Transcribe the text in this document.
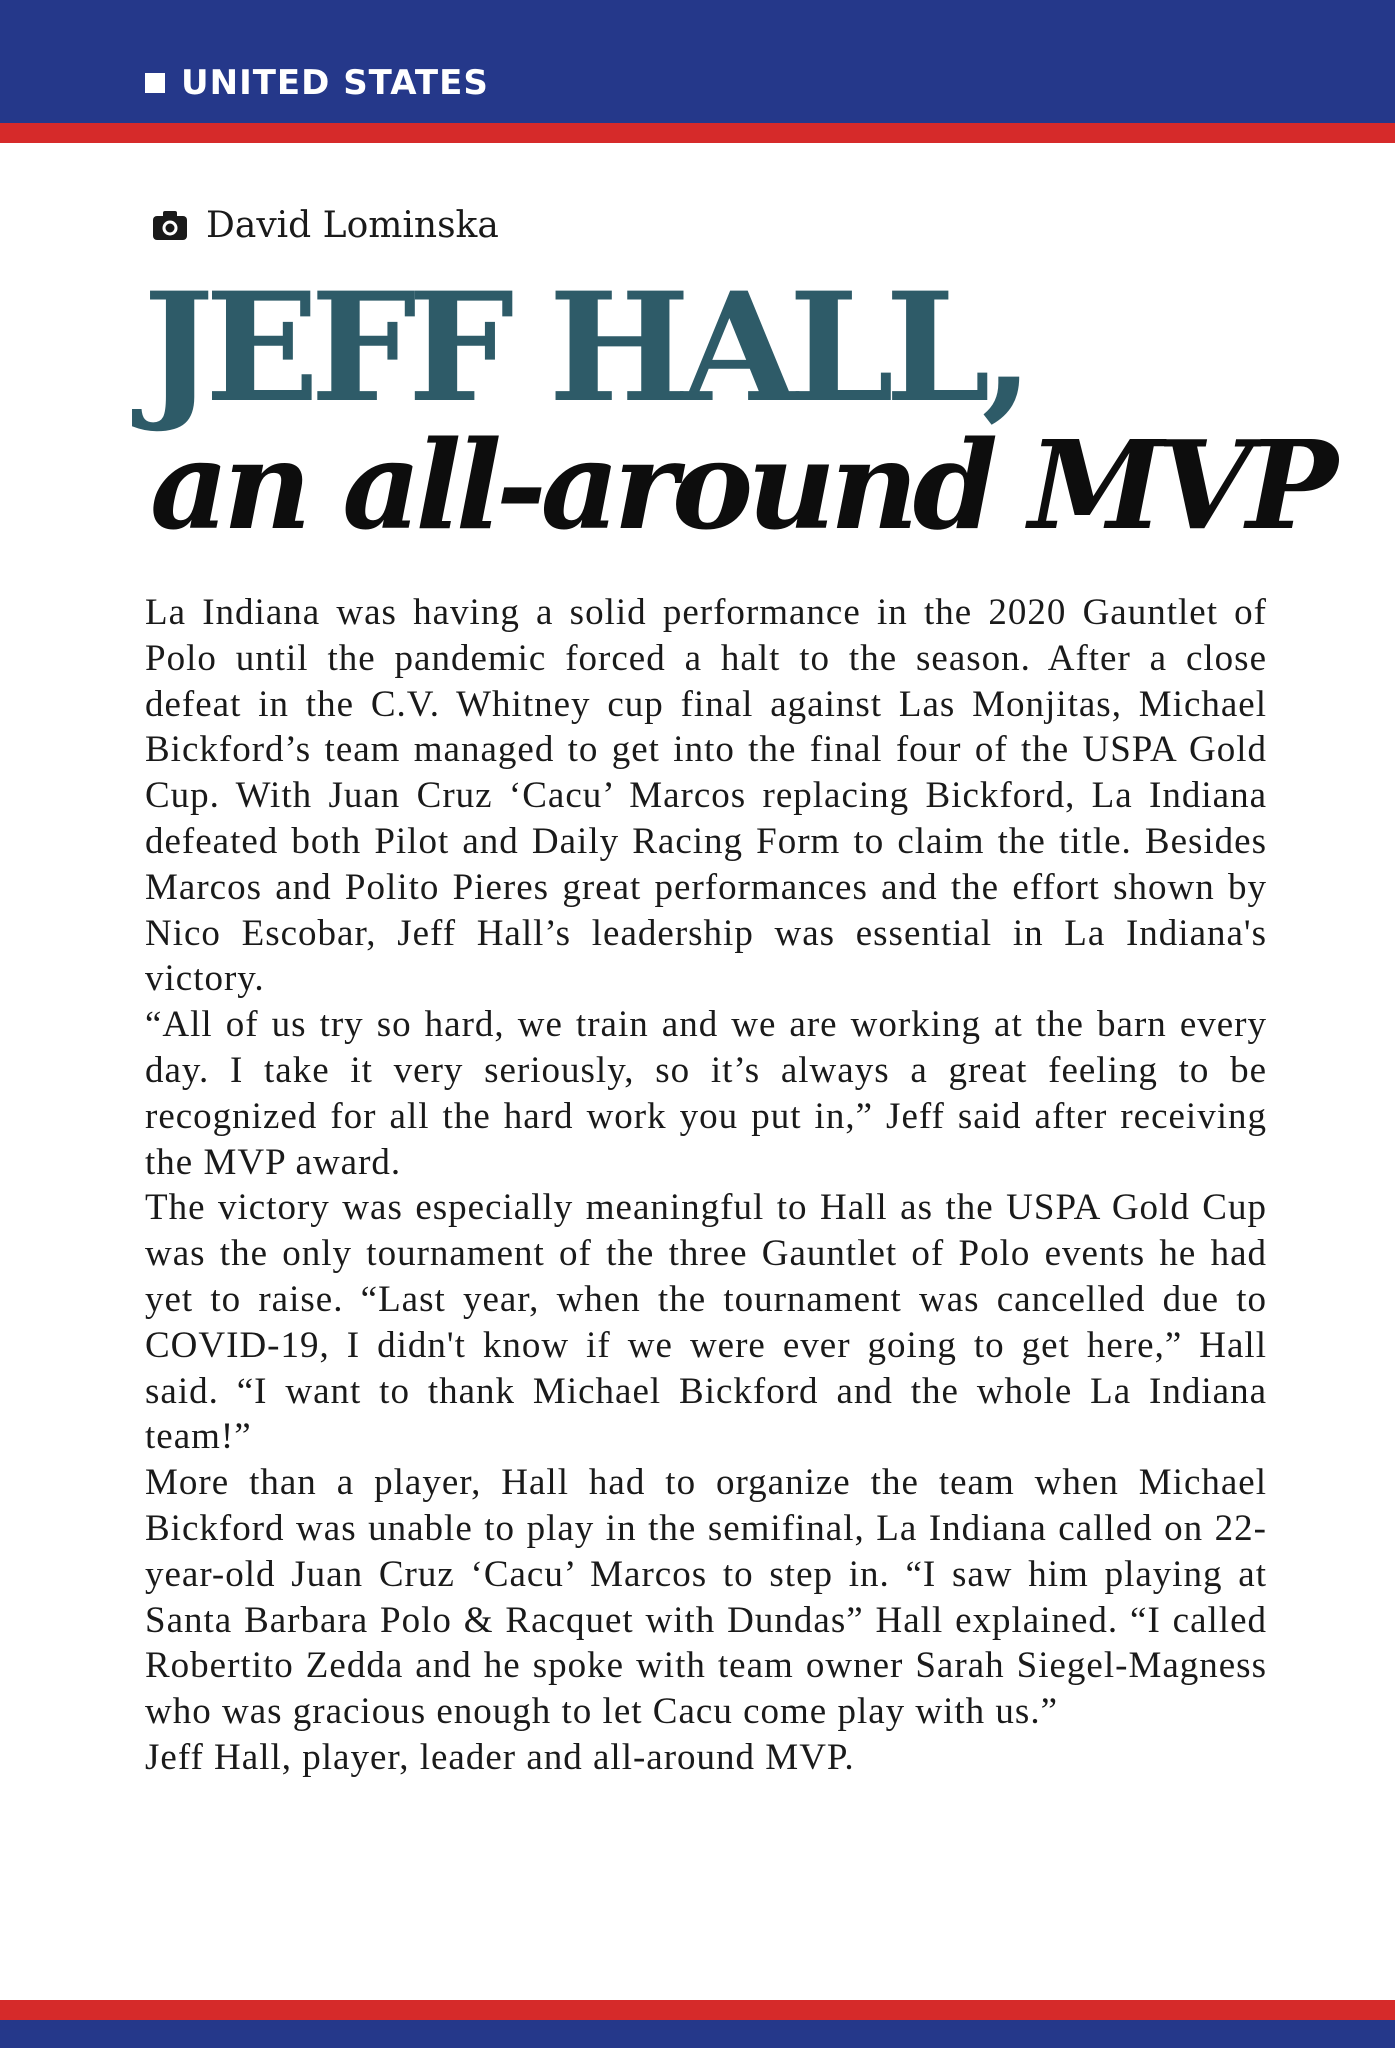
UNITED STATES
David Lominska
JEFF HALL,
an all-around MVP

La Indiana was having a solid performance in the 2020 Gauntlet of Polo until the pandemic forced a halt to the season. After a close defeat in the C.V. Whitney cup final against Las Monjitas, Michael Bickford’s team managed to get into the final four of the USPA Gold Cup. With Juan Cruz ‘Cacu’ Marcos replacing Bickford, La Indiana defeated both Pilot and Daily Racing Form to claim the title. Besides Marcos and Polito Pieres great performances and the effort shown by Nico Escobar, Jeff Hall’s leadership was essential in La Indiana's victory.

“All of us try so hard, we train and we are working at the barn every day. I take it very seriously, so it’s always a great feeling to be recognized for all the hard work you put in,” Jeff said after receiving the MVP award.

The victory was especially meaningful to Hall as the USPA Gold Cup was the only tournament of the three Gauntlet of Polo events he had yet to raise. “Last year, when the tournament was cancelled due to COVID-19, I didn't know if we were ever going to get here,” Hall said. “I want to thank Michael Bickford and the whole La Indiana team!”

More than a player, Hall had to organize the team when Michael Bickford was unable to play in the semifinal, La Indiana called on 22-year-old Juan Cruz ‘Cacu’ Marcos to step in. “I saw him playing at Santa Barbara Polo & Racquet with Dundas” Hall explained. “I called Robertito Zedda and he spoke with team owner Sarah Siegel-Magness who was gracious enough to let Cacu come play with us.”

Jeff Hall, player, leader and all-around MVP.
